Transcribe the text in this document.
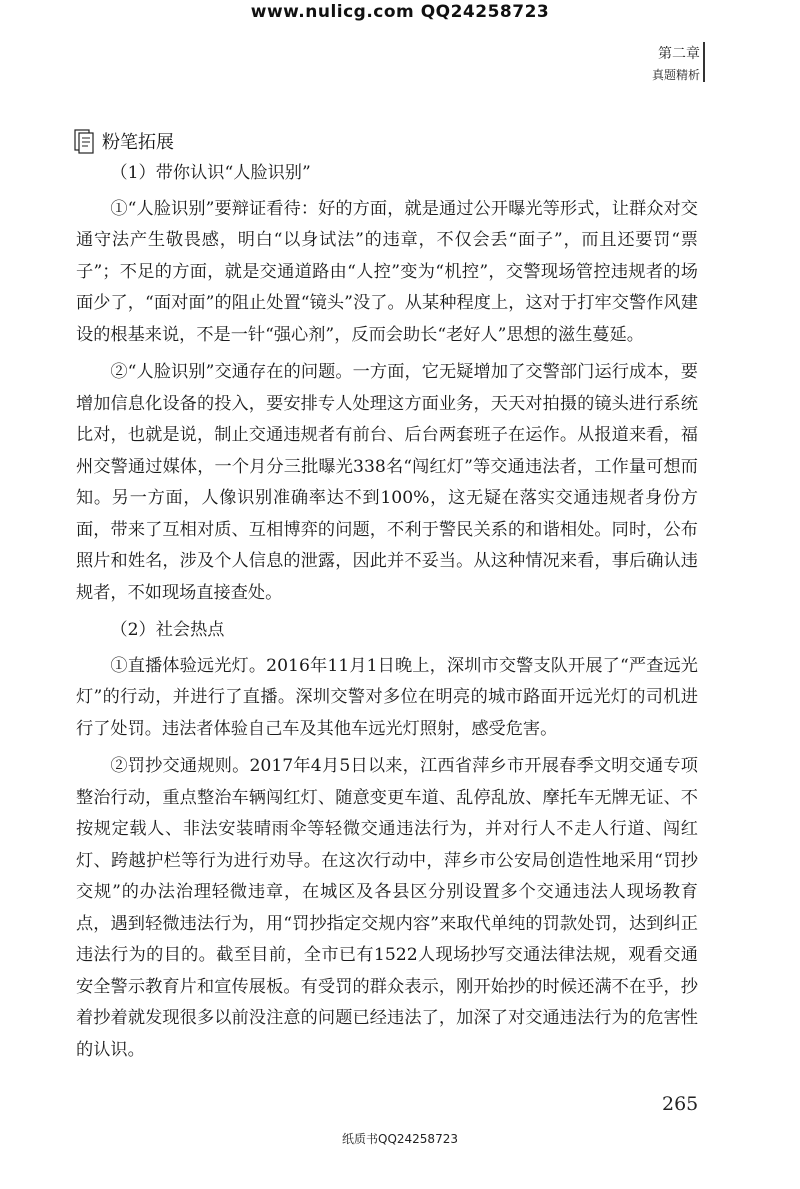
www.nulicg.com QQ24258723
第二章
真题精析
粉笔拓展

（1）带你认识“人脸识别”

①“人脸识别”要辩证看待：好的方面，就是通过公开曝光等形式，让群众对交通守法产生敬畏感，明白“以身试法”的违章，不仅会丢“面子”，而且还要罚“票子”；不足的方面，就是交通道路由“人控”变为“机控”，交警现场管控违规者的场面少了，“面对面”的阻止处置“镜头”没了。从某种程度上，这对于打牢交警作风建设的根基来说，不是一针“强心剂”，反而会助长“老好人”思想的滋生蔓延。

②“人脸识别”交通存在的问题。一方面，它无疑增加了交警部门运行成本，要增加信息化设备的投入，要安排专人处理这方面业务，天天对拍摄的镜头进行系统比对，也就是说，制止交通违规者有前台、后台两套班子在运作。从报道来看，福州交警通过媒体，一个月分三批曝光338名“闯红灯”等交通违法者，工作量可想而知。另一方面，人像识别准确率达不到100%，这无疑在落实交通违规者身份方面，带来了互相对质、互相博弈的问题，不利于警民关系的和谐相处。同时，公布照片和姓名，涉及个人信息的泄露，因此并不妥当。从这种情况来看，事后确认违规者，不如现场直接查处。

（2）社会热点

①直播体验远光灯。2016年11月1日晚上，深圳市交警支队开展了“严查远光灯”的行动，并进行了直播。深圳交警对多位在明亮的城市路面开远光灯的司机进行了处罚。违法者体验自己车及其他车远光灯照射，感受危害。

②罚抄交通规则。2017年4月5日以来，江西省萍乡市开展春季文明交通专项整治行动，重点整治车辆闯红灯、随意变更车道、乱停乱放、摩托车无牌无证、不按规定载人、非法安装晴雨伞等轻微交通违法行为，并对行人不走人行道、闯红灯、跨越护栏等行为进行劝导。在这次行动中，萍乡市公安局创造性地采用“罚抄交规”的办法治理轻微违章，在城区及各县区分别设置多个交通违法人现场教育点，遇到轻微违法行为，用“罚抄指定交规内容”来取代单纯的罚款处罚，达到纠正违法行为的目的。截至目前，全市已有1522人现场抄写交通法律法规，观看交通安全警示教育片和宣传展板。有受罚的群众表示，刚开始抄的时候还满不在乎，抄着抄着就发现很多以前没注意的问题已经违法了，加深了对交通违法行为的危害性的认识。

265
纸质书QQ24258723
